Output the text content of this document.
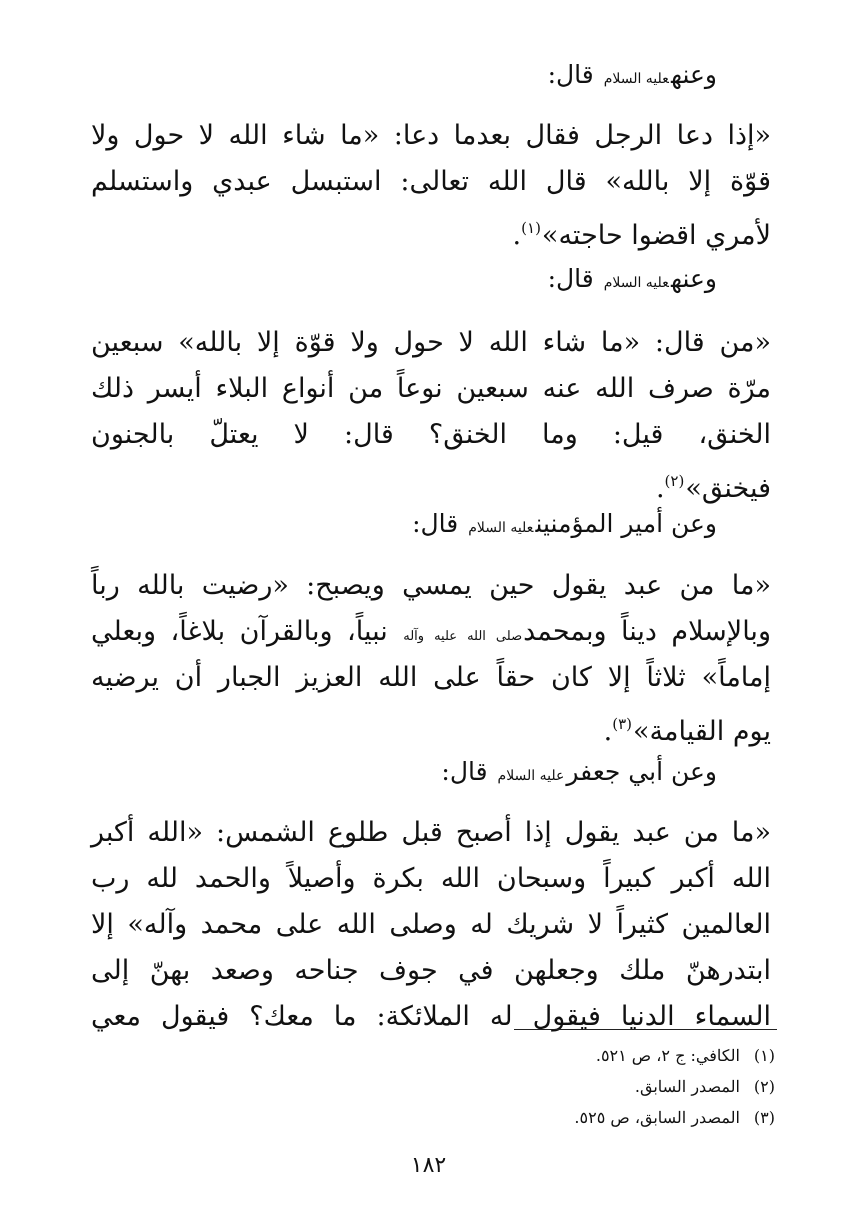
وعنهعليه السلام قال:
«إذا دعا الرجل فقال بعدما دعا: «ما شاء الله لا حول ولا
قوّة إلا بالله» قال الله تعالى: استبسل عبدي واستسلم
لأمري اقضوا حاجته»$^{(١)}$.
وعنهعليه السلام قال:
«من قال: «ما شاء الله لا حول ولا قوّة إلا بالله» سبعين
مرّة صرف الله عنه سبعين نوعاً من أنواع البلاء أيسر ذلك
الخنق، قيل: وما الخنق؟ قال: لا يعتلّ بالجنون
فيخنق»$^{(٢)}$.
وعن أمير المؤمنينعليه السلام قال:
«ما من عبد يقول حين يمسي ويصبح: «رضيت بالله رباً
وبالإسلام ديناً وبمحمدصلى الله عليه وآله نبياً، وبالقرآن بلاغاً، وبعلي
إماماً» ثلاثاً إلا كان حقاً على الله العزيز الجبار أن يرضيه
يوم القيامة»$^{(٣)}$.
وعن أبي جعفرعليه السلام قال:
«ما من عبد يقول إذا أصبح قبل طلوع الشمس: «الله أكبر
الله أكبر كبيراً وسبحان الله بكرة وأصيلاً والحمد لله رب
العالمين كثيراً لا شريك له وصلى الله على محمد وآله» إلا
ابتدرهنّ ملك وجعلهن في جوف جناحه وصعد بهنّ إلى
السماء الدنيا فيقول له الملائكة: ما معك؟ فيقول معي
(١) الكافي: ج ٢، ص ٥٢١.
(٢) المصدر السابق.
(٣) المصدر السابق، ص ٥٢٥.
١٨٢
